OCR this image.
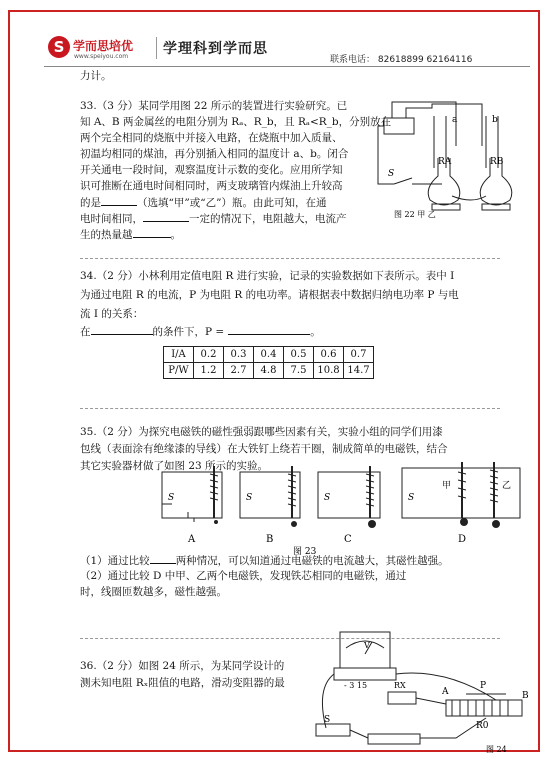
S 学而思培优
www.speiyou.com 学理科到学而思
联系电话： 82618899 62164116
力计。
33.（3 分）某同学用图 22 所示的装置进行实验研究。已
知 A、B 两金属丝的电阻分别为 Rₐ、R_b，且 Rₐ<R_b，分别放在
两个完全相同的烧瓶中并接入电路，在烧瓶中加入质量、
初温均相同的煤油，再分别插入相同的温度计 a、b。闭合
开关通电一段时间，观察温度计示数的变化。应用所学知
识可推断在通电时间相同时，两支玻璃管内煤油上升较高
的是	（选填“甲”或“乙”）瓶。由此可知，在通
电时间相同，	一定的情况下，电阻越大，电流产
生的热量越	。
a	b
RA	RB
S
图 22 甲 乙
34.（2 分）小林利用定值电阻 R 进行实验，记录的实验数据如下表所示。表中 I
为通过电阻 R 的电流，P 为电阻 R 的电功率。请根据表中数据归纳电功率 P 与电
流 I 的关系：
在	的条件下，P =	。
I/A	0.2	0.3	0.4	0.5	0.6	0.7
P/W	1.2	2.7	4.8	7.5	10.8	14.7
35.（2 分）为探究电磁铁的磁性强弱跟哪些因素有关，实验小组的同学们用漆
包线（表面涂有绝缘漆的导线）在大铁钉上绕若干圈，制成简单的电磁铁，结合
其它实验器材做了如图 23 所示的实验。
S	S	S	S
甲	乙
A	B	C	D
图 23
（1）通过比较 两种情况，可以知道通过电磁铁的电流越大，其磁性越强。
（2）通过比较 D 中甲、乙两个电磁铁，发现铁芯相同的电磁铁，通过
时，线圈匝数越多，磁性越强。
36.（2 分）如图 24 所示，为某同学设计的
测未知电阻 Rₓ阻值的电路，滑动变阻器的最
V
- 3 15	RX
A
P
B
R0
S
图 24
